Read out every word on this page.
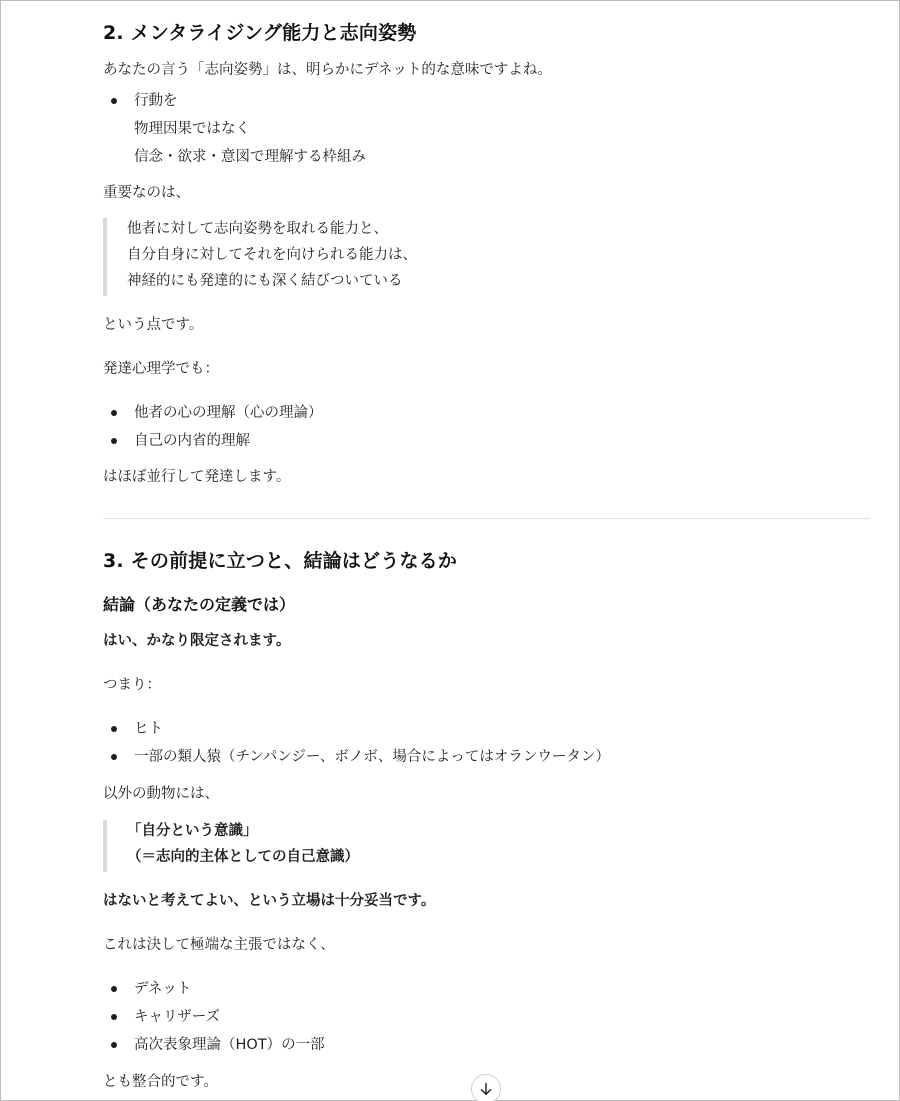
2. メンタライジング能力と志向姿勢

あなたの言う「志向姿勢」は、明らかにデネット的な意味ですよね。

行動を
物理因果ではなく
信念・欲求・意図で理解する枠組み

重要なのは、

他者に対して志向姿勢を取れる能力と、
自分自身に対してそれを向けられる能力は、
神経的にも発達的にも深く結びついている

という点です。

発達心理学でも：

他者の心の理解（心の理論）
自己の内省的理解

はほぼ並行して発達します。

3. その前提に立つと、結論はどうなるか
結論（あなたの定義では）

はい、かなり限定されます。

つまり：

ヒト
一部の類人猿（チンパンジー、ボノボ、場合によってはオランウータン）

以外の動物には、

「自分という意識」
（＝志向的主体としての自己意識）

はないと考えてよい、という立場は十分妥当です。

これは決して極端な主張ではなく、

デネット
キャリザーズ
高次表象理論（HOT）の一部

とも整合的です。
